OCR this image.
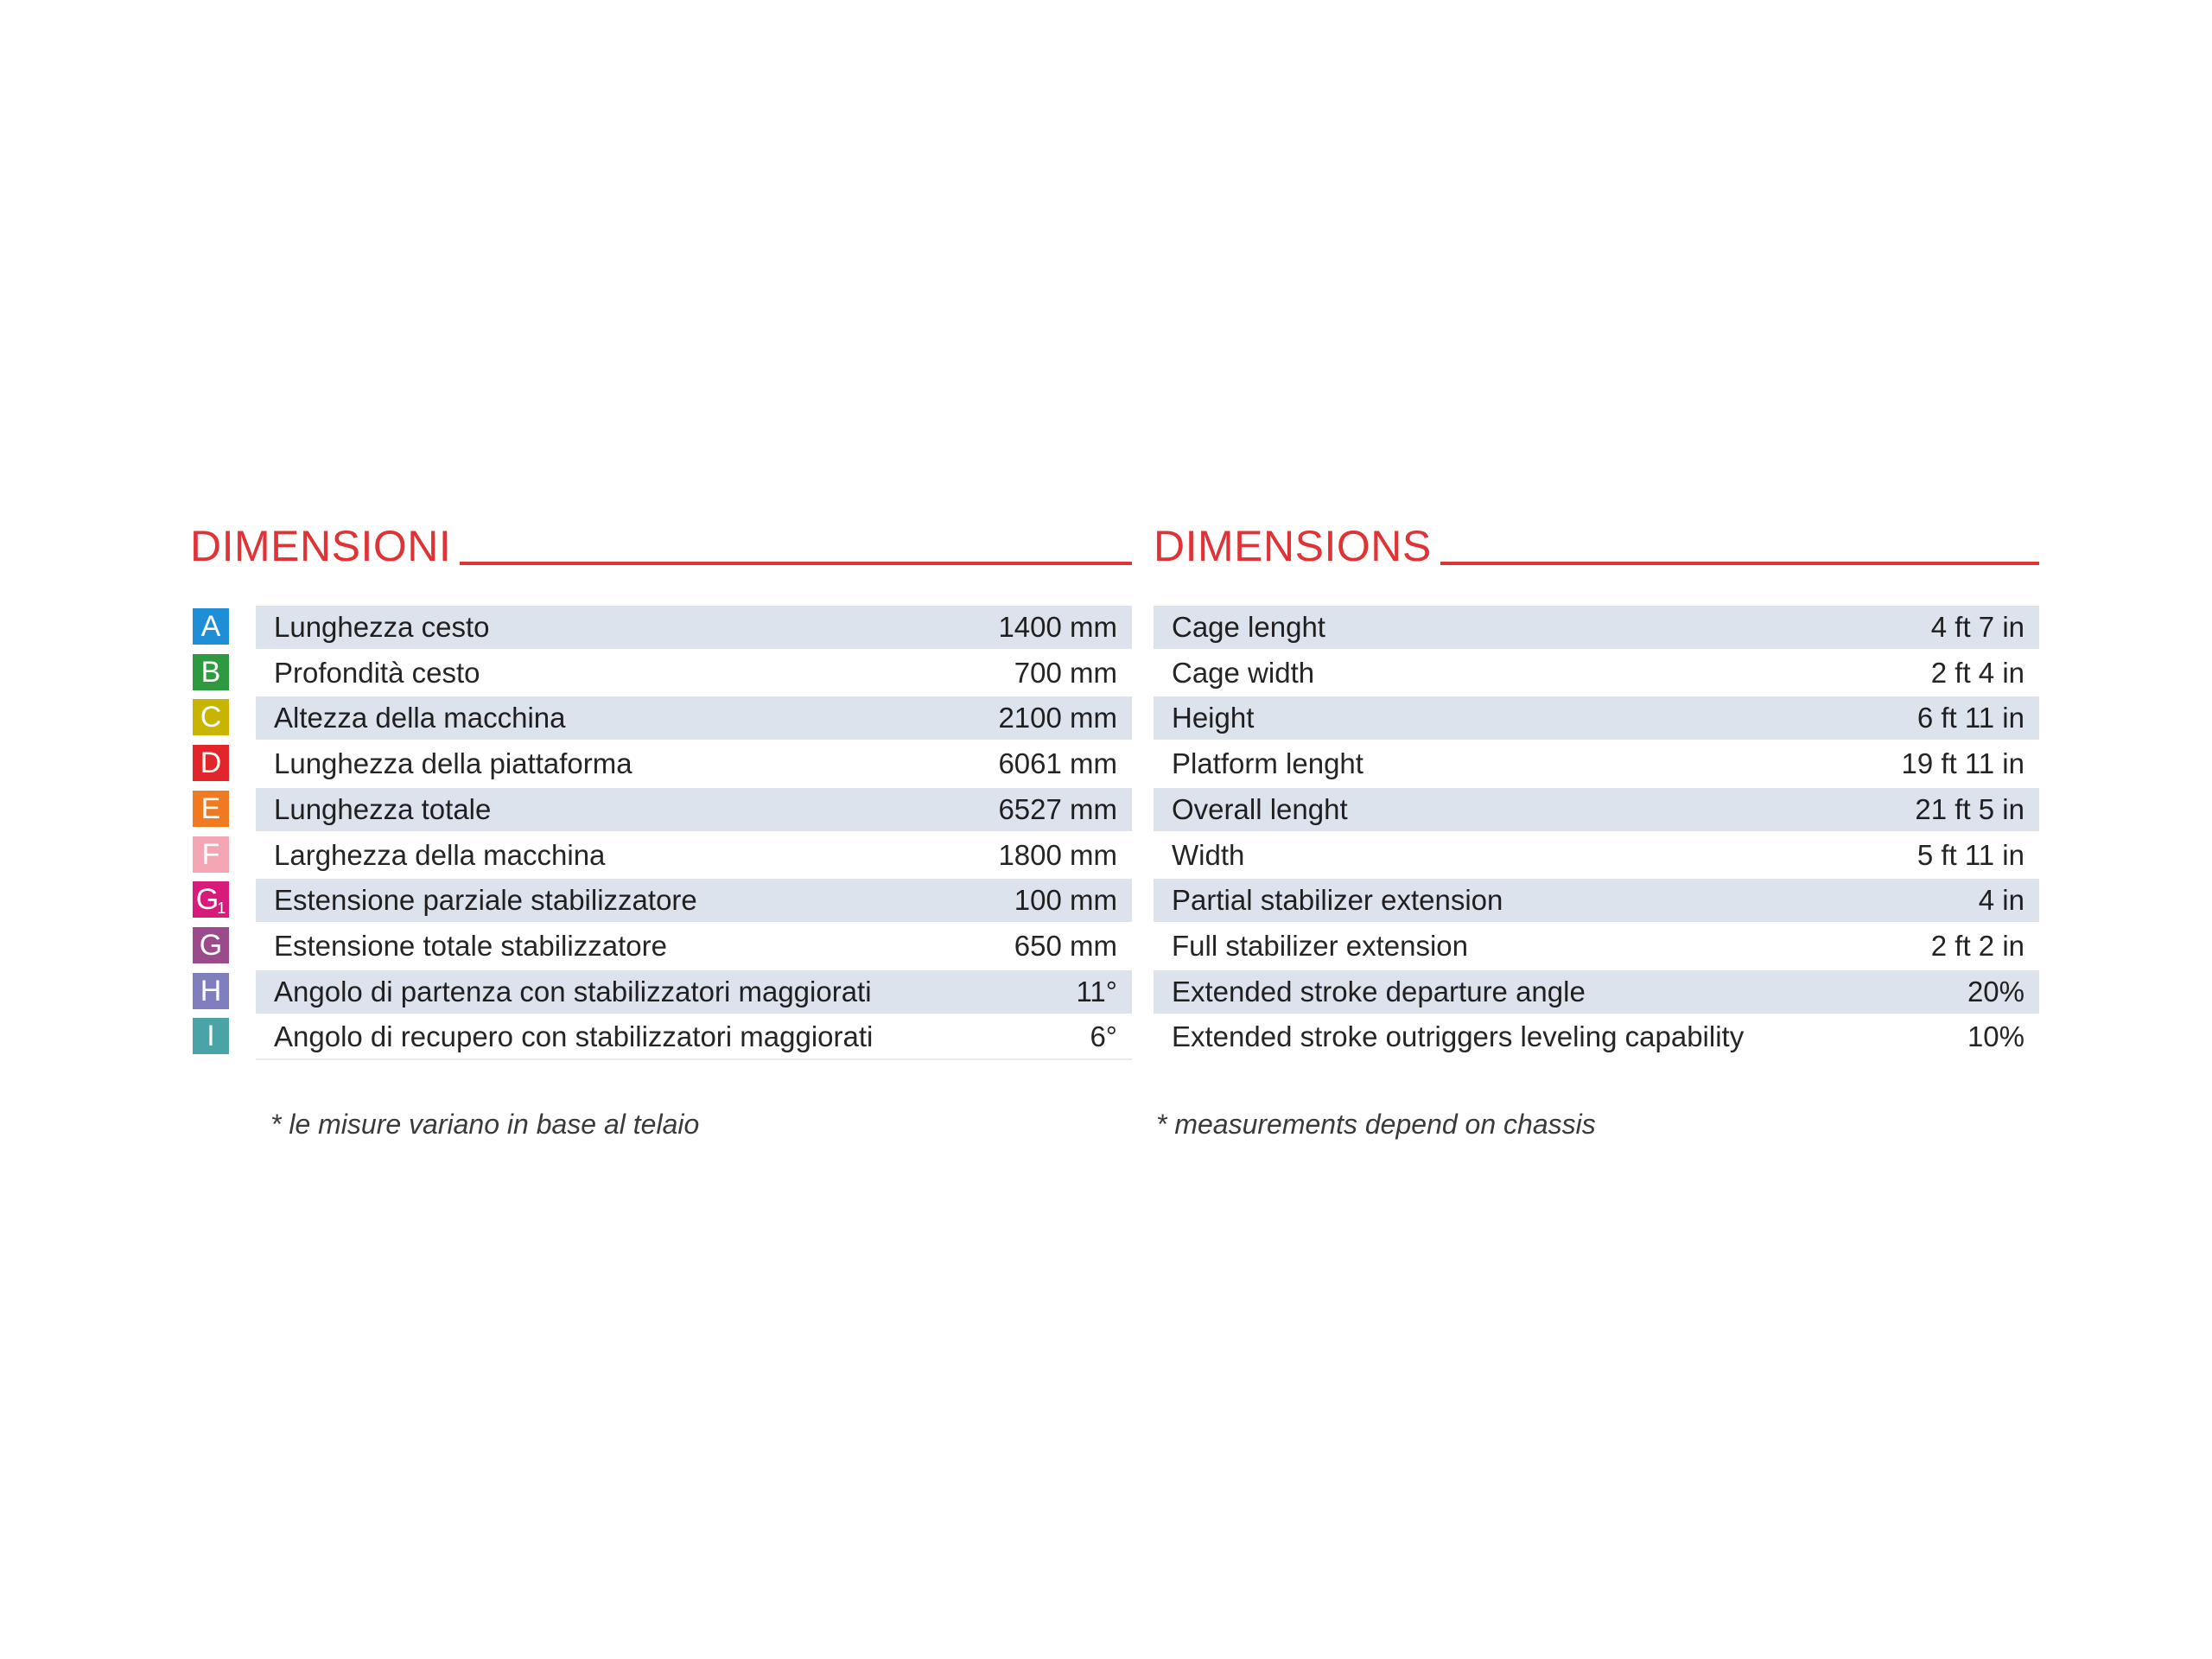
DIMENSIONI
A Lunghezza cesto	1400 mm
B Profondità cesto	700 mm
C Altezza della macchina	2100 mm
D Lunghezza della piattaforma	6061 mm
E Lunghezza totale	6527 mm
F	Larghezza della macchina	1800 mm
$G_1$ Estensione parziale stabilizzatore	100 mm
G Estensione totale stabilizzatore	650 mm
H Angolo di partenza con stabilizzatori maggiorati	11°
I	Angolo di recupero con stabilizzatori maggiorati	6°
DIMENSIONS
Cage lenght	4 ft 7 in
Cage width	2 ft 4 in
Height	6 ft 11 in
Platform lenght	19 ft 11 in
Overall lenght	21 ft 5 in
Width	5 ft 11 in
Partial stabilizer extension	4 in
Full stabilizer extension	2 ft 2 in
Extended stroke departure angle	20%
Extended stroke outriggers leveling capability	10%
* le misure variano in base al telaio	* measurements depend on chassis
